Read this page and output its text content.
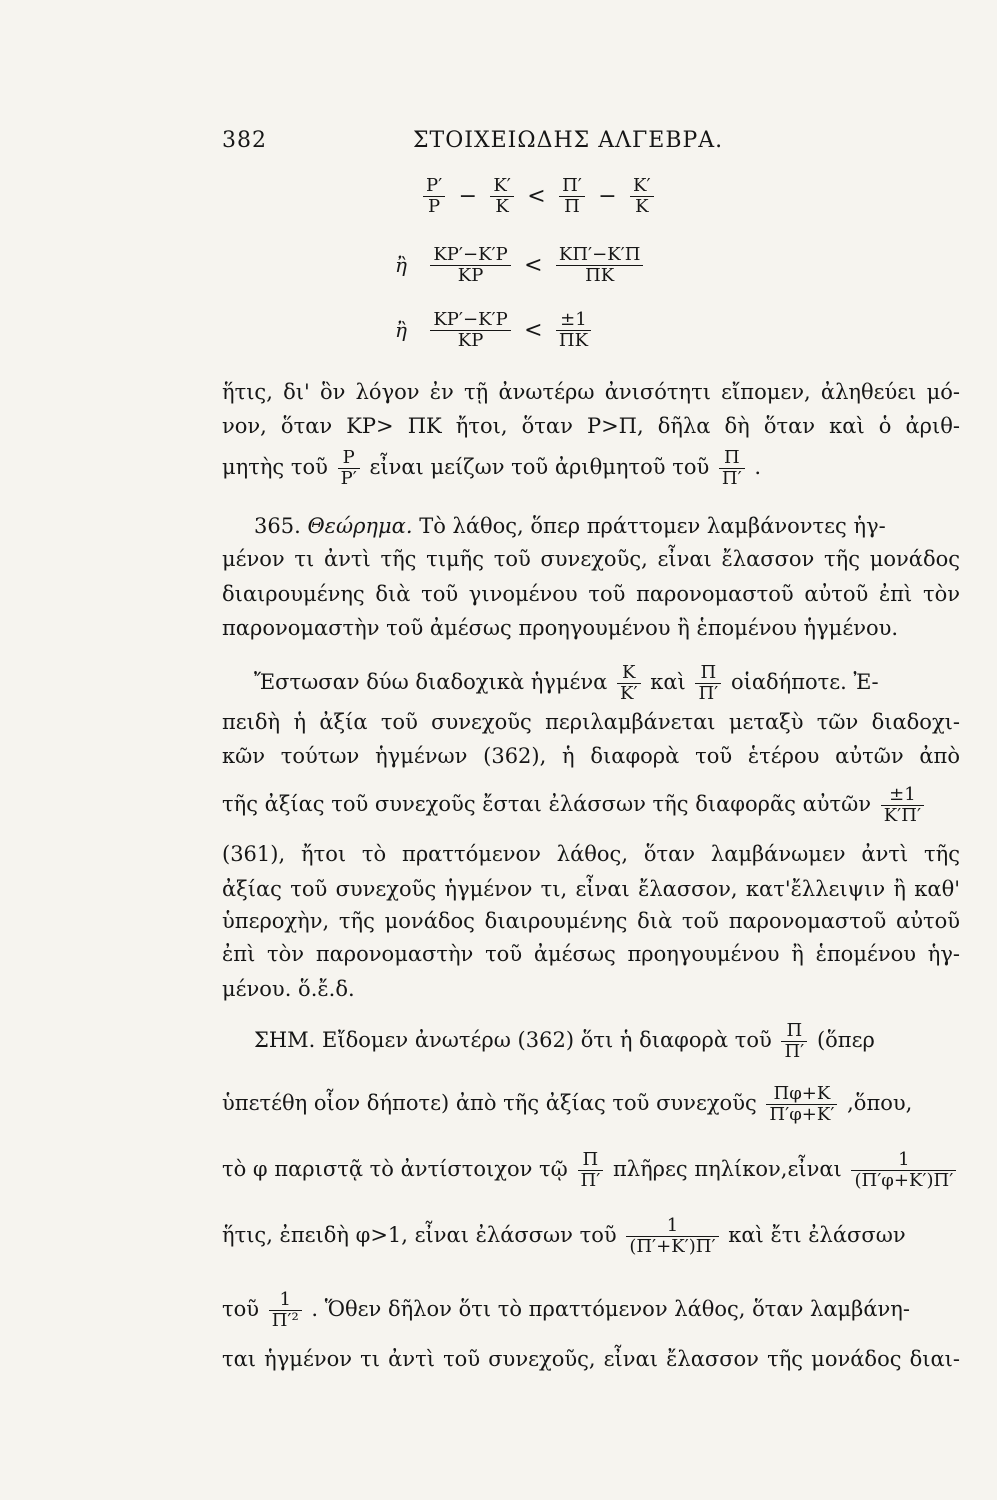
382	ΣΤΟΙΧΕΙΩΔΗΣ ΑΛΓΕΒΡΑ.
$\frac{P'}{P} - \frac{K'}{K} < \frac{\Pi'}{\Pi} - \frac{K'}{K}$
ἢ $\frac{KP'-K'P}{KP} < \frac{K\Pi'-K'\Pi}{\Pi K}$
ἢ $\frac{KP'-K'P}{KP} < \frac{\pm 1}{\Pi K}$
ἥτις, δι' ὃν λόγον ἐν τῇ ἀνωτέρω ἀνισότητι εἴπομεν, ἀληθεύει μό-
νον, ὅταν ΚΡ> ΠΚ ἤτοι, ὅταν Ρ>Π, δῆλα δὴ ὅταν καὶ ὁ ἀριθ-
μητὴς τοῦ $\frac{P}{P'}$ εἶναι μείζων τοῦ ἀριθμητοῦ τοῦ $\frac{\Pi}{\Pi'}$ .
365. Θεώρημα. Τὸ λάθος, ὅπερ πράττομεν λαμβάνοντες ἡγ-
μένον τι ἀντὶ τῆς τιμῆς τοῦ συνεχοῦς, εἶναι ἔλασσον τῆς μονάδος
διαιρουμένης διὰ τοῦ γινομένου τοῦ παρονομαστοῦ αὐτοῦ ἐπὶ τὸν
παρονομαστὴν τοῦ ἀμέσως προηγουμένου ἢ ἑπομένου ἡγμένου.
Ἔστωσαν δύω διαδοχικὰ ἡγμένα $\frac{K}{K'}$ καὶ $\frac{\Pi}{\Pi'}$ οἱαδήποτε. Ἐ-
πειδὴ ἡ ἀξία τοῦ συνεχοῦς περιλαμβάνεται μεταξὺ τῶν διαδοχι-
κῶν τούτων ἡγμένων (362), ἡ διαφορὰ τοῦ ἑτέρου αὐτῶν ἀπὸ
τῆς ἀξίας τοῦ συνεχοῦς ἔσται ἐλάσσων τῆς διαφορᾶς αὐτῶν $\frac{\pm 1}{K'\Pi'}$
(361), ἤτοι τὸ πραττόμενον λάθος, ὅταν λαμβάνωμεν ἀντὶ τῆς
ἀξίας τοῦ συνεχοῦς ἡγμένον τι, εἶναι ἔλασσον, κατ'ἔλλειψιν ἢ καθ'
ὑπεροχὴν, τῆς μονάδος διαιρουμένης διὰ τοῦ παρονομαστοῦ αὐτοῦ
ἐπὶ τὸν παρονομαστὴν τοῦ ἀμέσως προηγουμένου ἢ ἑπομένου ἡγ-
μένου. ὅ.ἔ.δ.
ΣΗΜ. Εἴδομεν ἀνωτέρω (362) ὅτι ἡ διαφορὰ τοῦ $\frac{\Pi}{\Pi'}$ (ὅπερ
ὑπετέθη οἷον δήποτε) ἀπὸ τῆς ἀξίας τοῦ συνεχοῦς $\frac{\Pi\varphi+K}{\Pi'\varphi+K'}$ ,ὅπου,
τὸ φ παριστᾷ τὸ ἀντίστοιχον τῷ $\frac{\Pi}{\Pi'}$ πλῆρες πηλίκον,εἶναι $\frac{1}{(\Pi'\varphi+K')\Pi'}$
ἥτις, ἐπειδὴ φ>1, εἶναι ἐλάσσων τοῦ $\frac{1}{(\Pi'+K')\Pi'}$ καὶ ἔτι ἐλάσσων
τοῦ $\frac{1}{\text{Π′²}}$ . Ὅθεν δῆλον ὅτι τὸ πραττόμενον λάθος, ὅταν λαμβάνη-
ται ἡγμένον τι ἀντὶ τοῦ συνεχοῦς, εἶναι ἔλασσον τῆς μονάδος διαι-
